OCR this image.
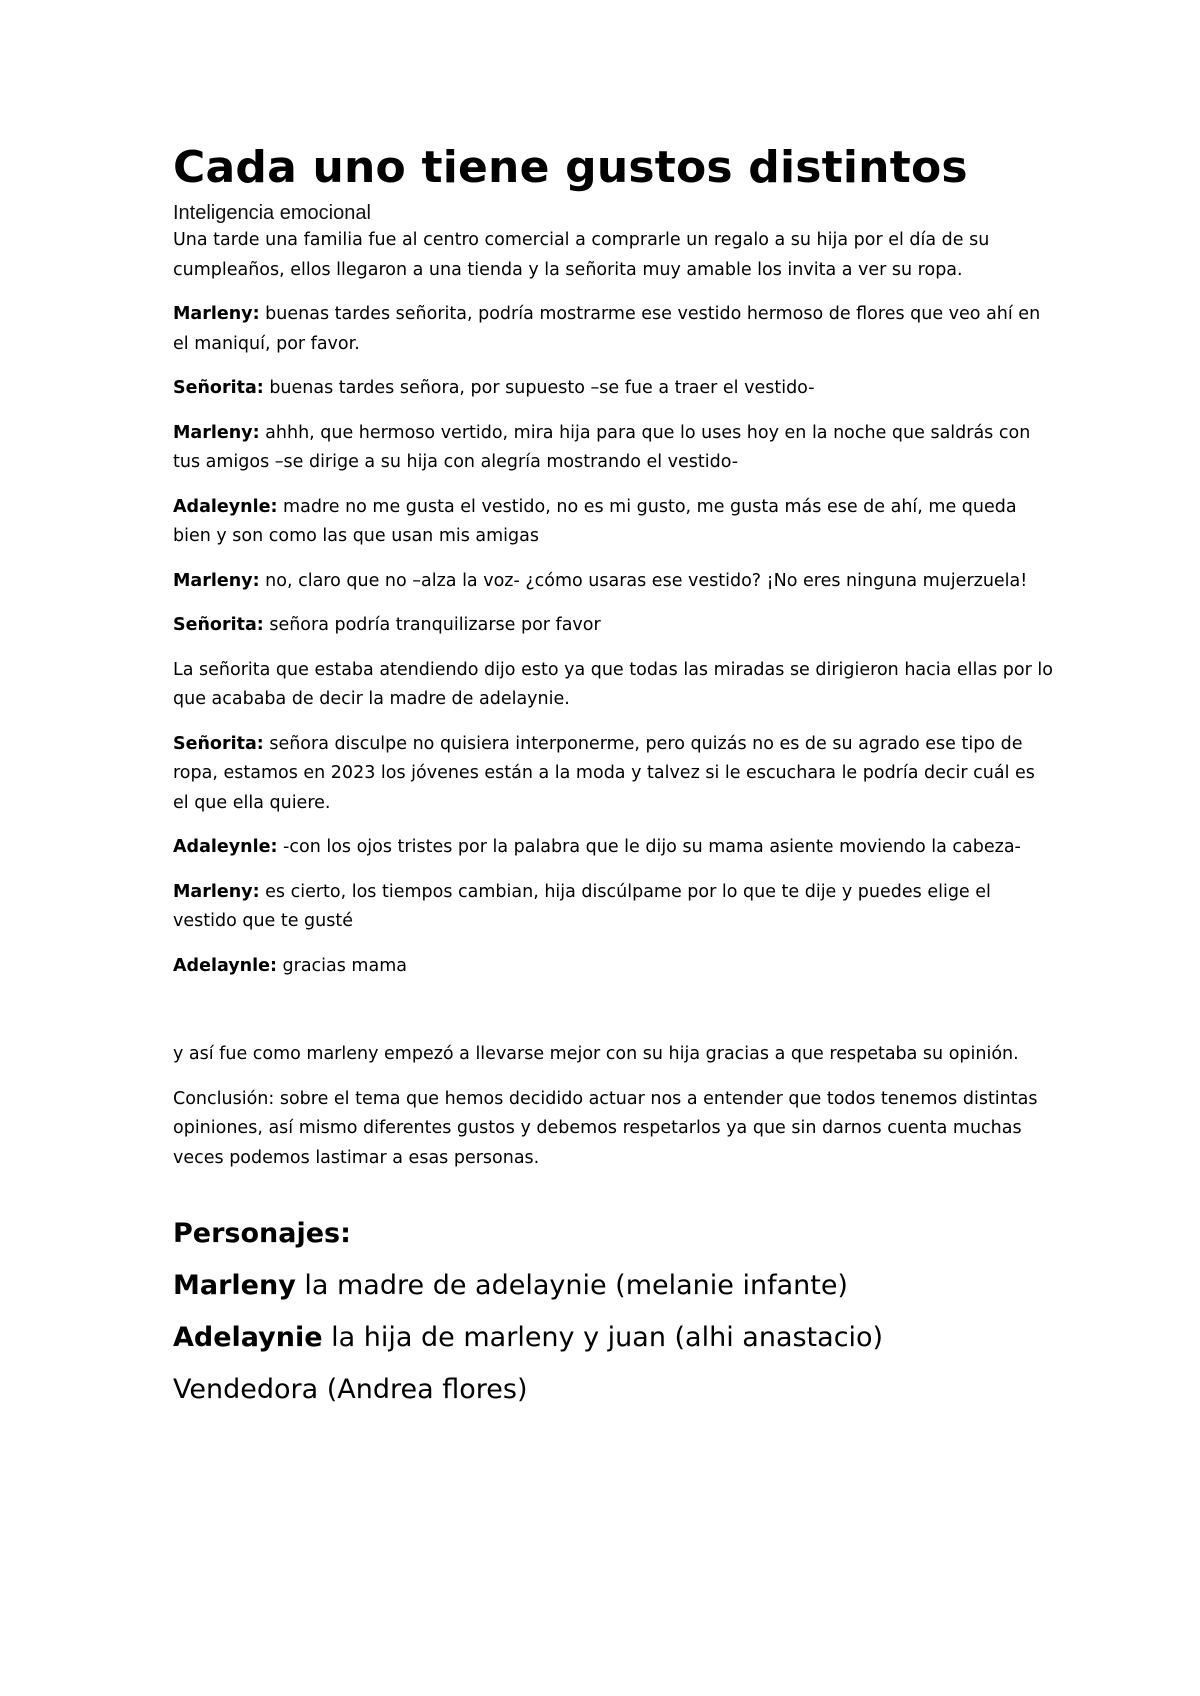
Cada uno tiene gustos distintos
Inteligencia emocional

Una tarde una familia fue al centro comercial a comprarle un regalo a su hija por el día de su cumpleaños, ellos llegaron a una tienda y la señorita muy amable los invita a ver su ropa.

Marleny: buenas tardes señorita, podría mostrarme ese vestido hermoso de flores que veo ahí en el maniquí, por favor.

Señorita: buenas tardes señora, por supuesto –se fue a traer el vestido-

Marleny: ahhh, que hermoso vertido, mira hija para que lo uses hoy en la noche que saldrás con tus amigos –se dirige a su hija con alegría mostrando el vestido-

Adaleynle: madre no me gusta el vestido, no es mi gusto, me gusta más ese de ahí, me queda bien y son como las que usan mis amigas

Marleny: no, claro que no –alza la voz- ¿cómo usaras ese vestido? ¡No eres ninguna mujerzuela!

Señorita: señora podría tranquilizarse por favor

La señorita que estaba atendiendo dijo esto ya que todas las miradas se dirigieron hacia ellas por lo que acababa de decir la madre de adelaynie.

Señorita: señora disculpe no quisiera interponerme, pero quizás no es de su agrado ese tipo de ropa, estamos en 2023 los jóvenes están a la moda y talvez si le escuchara le podría decir cuál es el que ella quiere.

Adaleynle: -con los ojos tristes por la palabra que le dijo su mama asiente moviendo la cabeza-

Marleny: es cierto, los tiempos cambian, hija discúlpame por lo que te dije y puedes elige el vestido que te gusté

Adelaynle: gracias mama

y así fue como marleny empezó a llevarse mejor con su hija gracias a que respetaba su opinión.

Conclusión: sobre el tema que hemos decidido actuar nos a entender que todos tenemos distintas opiniones, así mismo diferentes gustos y debemos respetarlos ya que sin darnos cuenta muchas veces podemos lastimar a esas personas.

Personajes:
Marleny la madre de adelaynie (melanie infante)
Adelaynie la hija de marleny y juan (alhi anastacio)
Vendedora (Andrea flores)
